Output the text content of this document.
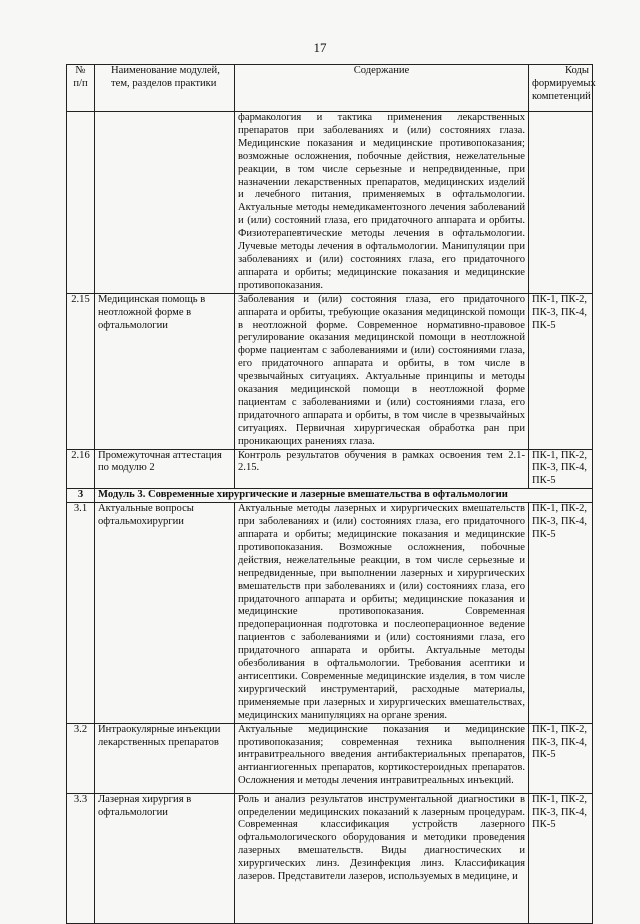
17
№ п/п	Наименование модулей, тем, разделов практики	Содержание	Коды формируемых компетенций

		фармакология и тактика применения лекарственных препаратов при заболеваниях и (или) состояниях глаза. Медицинские показания и медицинские противопоказания; возможные осложнения, побочные действия, нежелательные реакции, в том числе серьезные и непредвиденные, при назначении лекарственных препаратов, медицинских изделий и лечебного питания, применяемых в офтальмологии. Актуальные методы немедикаментозного лечения заболеваний и (или) состояний глаза, его придаточного аппарата и орбиты. Физиотерапевтические методы лечения в офтальмологии. Лучевые методы лечения в офтальмологии. Манипуляции при заболеваниях и (или) состояниях глаза, его придаточного аппарата и орбиты; медицинские показания и медицинские противопоказания.	

2.15	Медицинская помощь в неотложной форме в офтальмологии	Заболевания и (или) состояния глаза, его придаточного аппарата и орбиты, требующие оказания медицинской помощи в неотложной форме. Современное нормативно-правовое регулирование оказания медицинской помощи в неотложной форме пациентам с заболеваниями и (или) состояниями глаза, его придаточного аппарата и орбиты, в том числе в чрезвычайных ситуациях. Актуальные принципы и методы оказания медицинской помощи в неотложной форме пациентам с заболеваниями и (или) состояниями глаза, его придаточного аппарата и орбиты, в том числе в чрезвычайных ситуациях. Первичная хирургическая обработка ран при проникающих ранениях глаза.	ПК-1, ПК-2, ПК-3, ПК-4, ПК-5
2.16	Промежуточная аттестация по модулю 2	Контроль результатов обучения в рамках освоения тем 2.1-2.15.	ПК-1, ПК-2, ПК-3, ПК-4, ПК-5
3	Модуль 3. Современные хирургические и лазерные вмешательства в офтальмологии		
3.1	Актуальные вопросы офтальмохирургии	Актуальные методы лазерных и хирургических вмешательств при заболеваниях и (или) состояниях глаза, его придаточного аппарата и орбиты; медицинские показания и медицинские противопоказания. Возможные осложнения, побочные действия, нежелательные реакции, в том числе серьезные и непредвиденные, при выполнении лазерных и хирургических вмешательств при заболеваниях и (или) состояниях глаза, его придаточного аппарата и орбиты; медицинские показания и медицинские противопоказания. Современная предоперационная подготовка и послеоперационное ведение пациентов с заболеваниями и (или) состояниями глаза, его придаточного аппарата и орбиты. Актуальные методы обезболивания в офтальмологии. Требования асептики и антисептики. Современные медицинские изделия, в том числе хирургический инструментарий, расходные материалы, применяемые при лазерных и хирургических вмешательствах, медицинских манипуляциях на органе зрения.	ПК-1, ПК-2, ПК-3, ПК-4, ПК-5
3.2	Интраокулярные инъекции лекарственных препаратов	Актуальные медицинские показания и медицинские противопоказания; современная техника выполнения интравитреального введения антибактериальных препаратов, антиангиогенных препаратов, кортикостероидных препаратов. Осложнения и методы лечения интравитреальных инъекций.	ПК-1, ПК-2, ПК-3, ПК-4, ПК-5
3.3	Лазерная хирургия в офтальмологии	Роль и анализ результатов инструментальной диагностики в определении медицинских показаний к лазерным процедурам. Современная классификация устройств лазерного офтальмологического оборудования и методики проведения лазерных вмешательств. Виды диагностических и хирургических линз. Дезинфекция линз. Классификация лазеров. Представители лазеров, используемых в медицине, и	ПК-1, ПК-2, ПК-3, ПК-4, ПК-5
